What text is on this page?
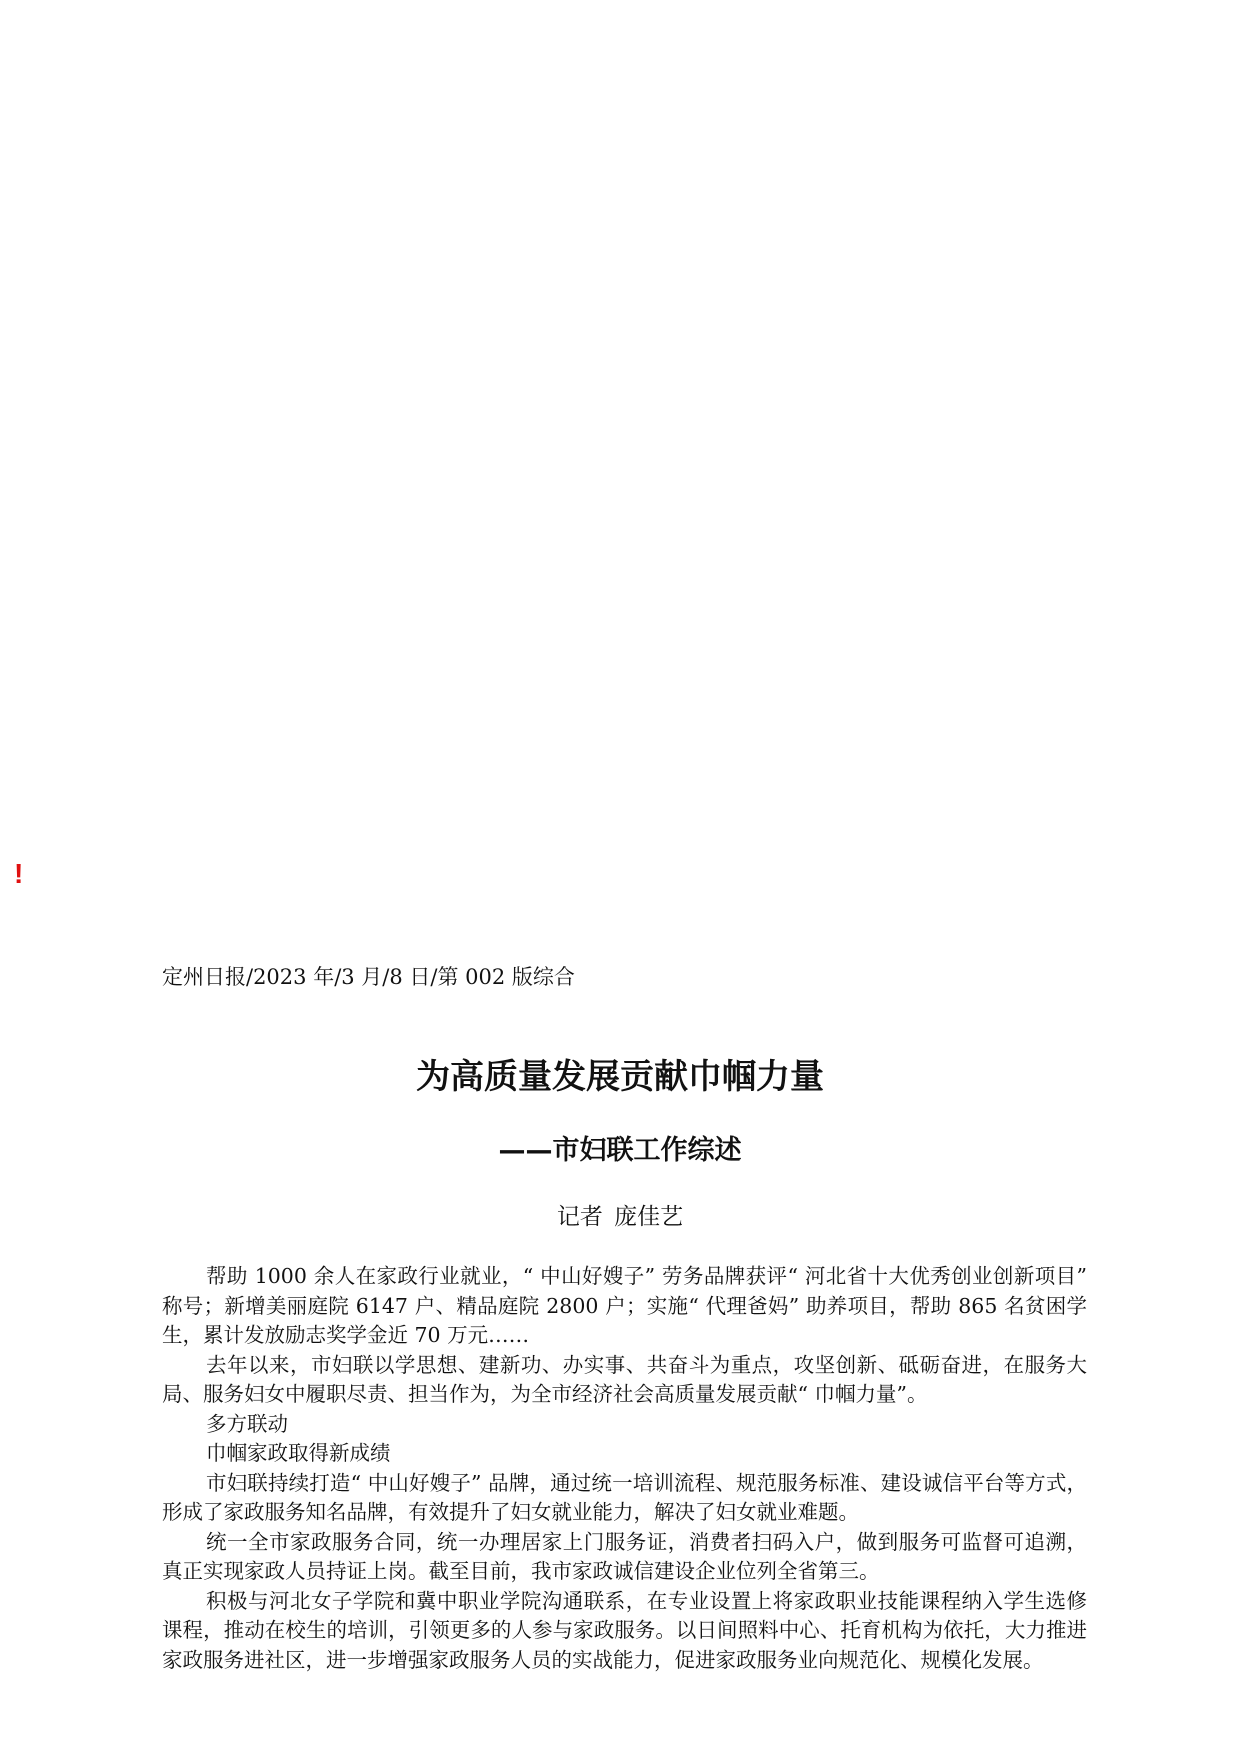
!
定州日报/2023 年/3 月/8 日/第 002 版综合
为高质量发展贡献巾帼力量
——市妇联工作综述
记者 庞佳艺

帮助 1000 余人在家政行业就业，“ 中山好嫂子” 劳务品牌获评“ 河北省十大优秀创业创新项目” 称号；新增美丽庭院 6147 户、精品庭院 2800 户；实施“ 代理爸妈” 助养项目，帮助 865 名贫困学生，累计发放励志奖学金近 70 万元……

去年以来，市妇联以学思想、建新功、办实事、共奋斗为重点，攻坚创新、砥砺奋进，在服务大局、服务妇女中履职尽责、担当作为，为全市经济社会高质量发展贡献“ 巾帼力量”。

多方联动

巾帼家政取得新成绩

市妇联持续打造“ 中山好嫂子” 品牌，通过统一培训流程、规范服务标准、建设诚信平台等方式，形成了家政服务知名品牌，有效提升了妇女就业能力，解决了妇女就业难题。

统一全市家政服务合同，统一办理居家上门服务证，消费者扫码入户，做到服务可监督可追溯，真正实现家政人员持证上岗。截至目前，我市家政诚信建设企业位列全省第三。

积极与河北女子学院和冀中职业学院沟通联系，在专业设置上将家政职业技能课程纳入学生选修课程，推动在校生的培训，引领更多的人参与家政服务。以日间照料中心、托育机构为依托，大力推进家政服务进社区，进一步增强家政服务人员的实战能力，促进家政服务业向规范化、规模化发展。
